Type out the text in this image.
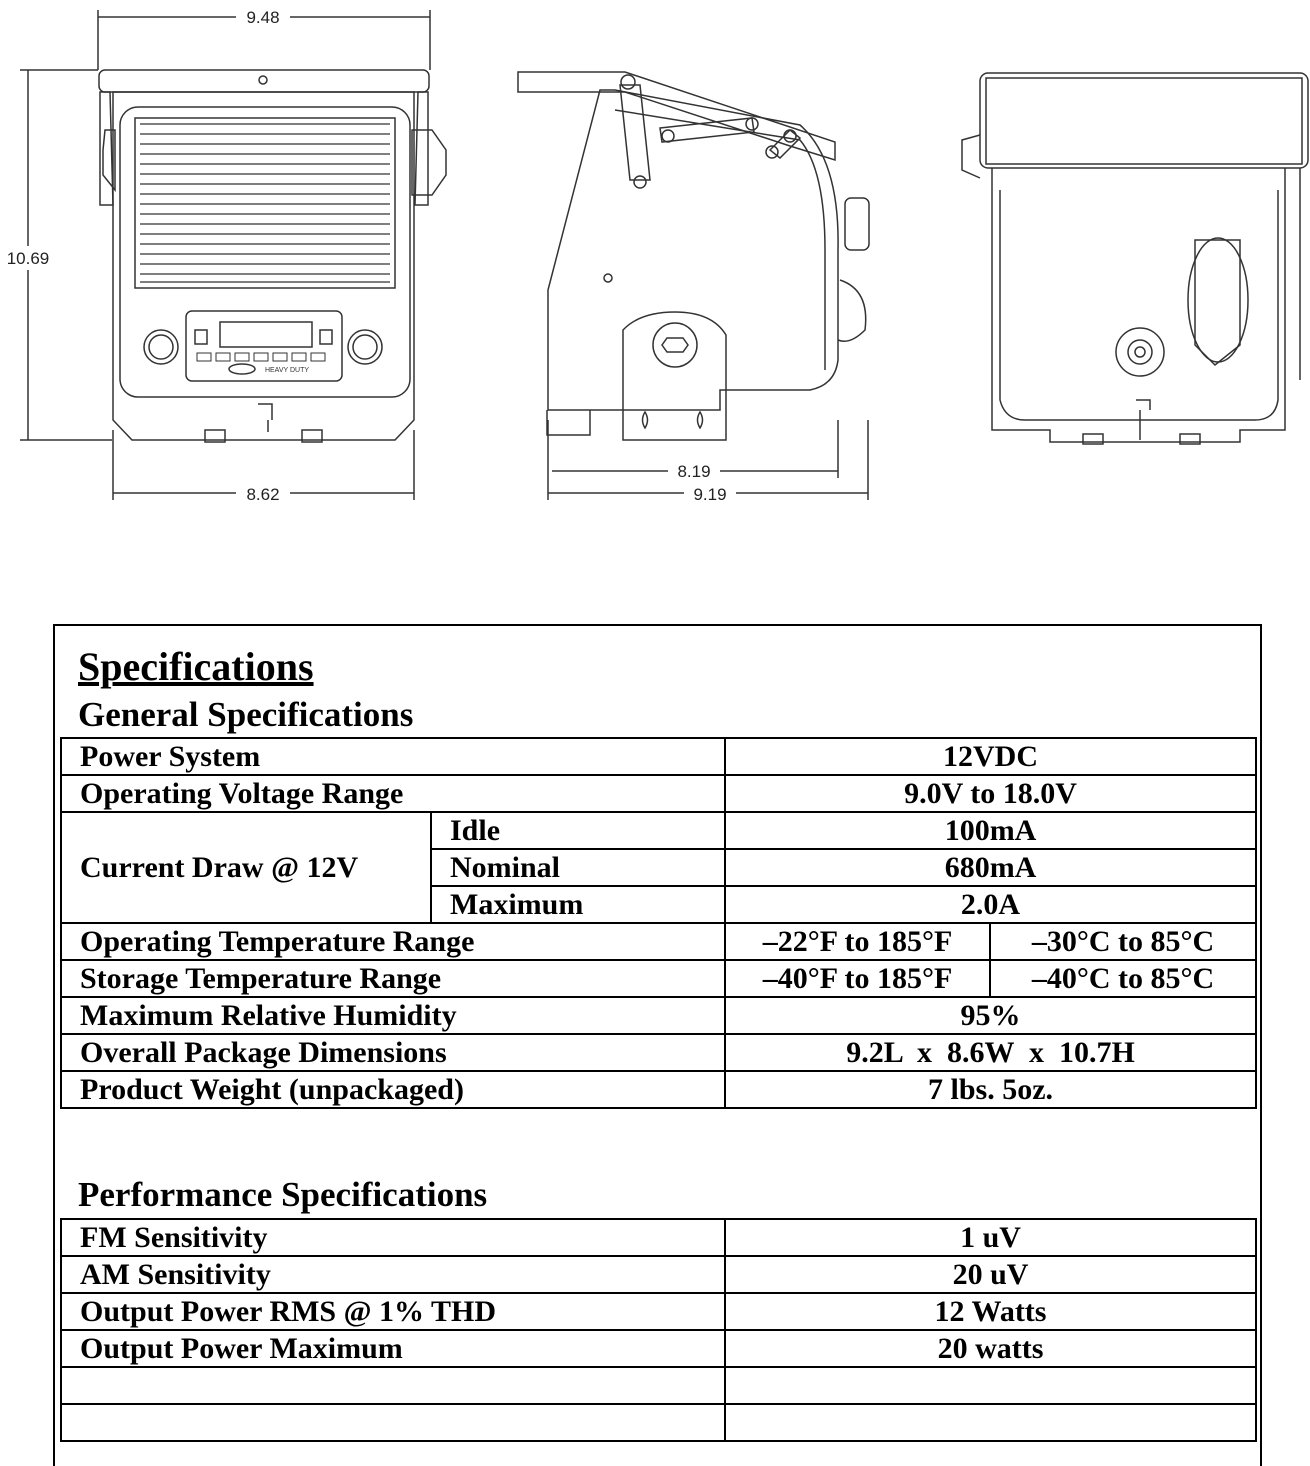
9.48
10.69
8.62
8.19
9.19
HEAVY DUTY
Specifications
General Specifications
Power System		12VDC	
Operating Voltage Range		9.0V to 18.0V	
Current Draw @ 12V	Idle	100mA	
	Nominal	680mA	
	Maximum	2.0A	
Operating Temperature Range		–22°F to 185°F	–30°C to 85°C
Storage Temperature Range		–40°F to 185°F	–40°C to 85°C
Maximum Relative Humidity		95%	
Overall Package Dimensions		9.2L  x  8.6W  x  10.7H	
Product Weight (unpackaged)		7 lbs. 5oz.	
Performance Specifications
FM Sensitivity	1 uV
AM Sensitivity	20 uV
Output Power RMS @ 1% THD	12 Watts
Output Power Maximum	20 watts
